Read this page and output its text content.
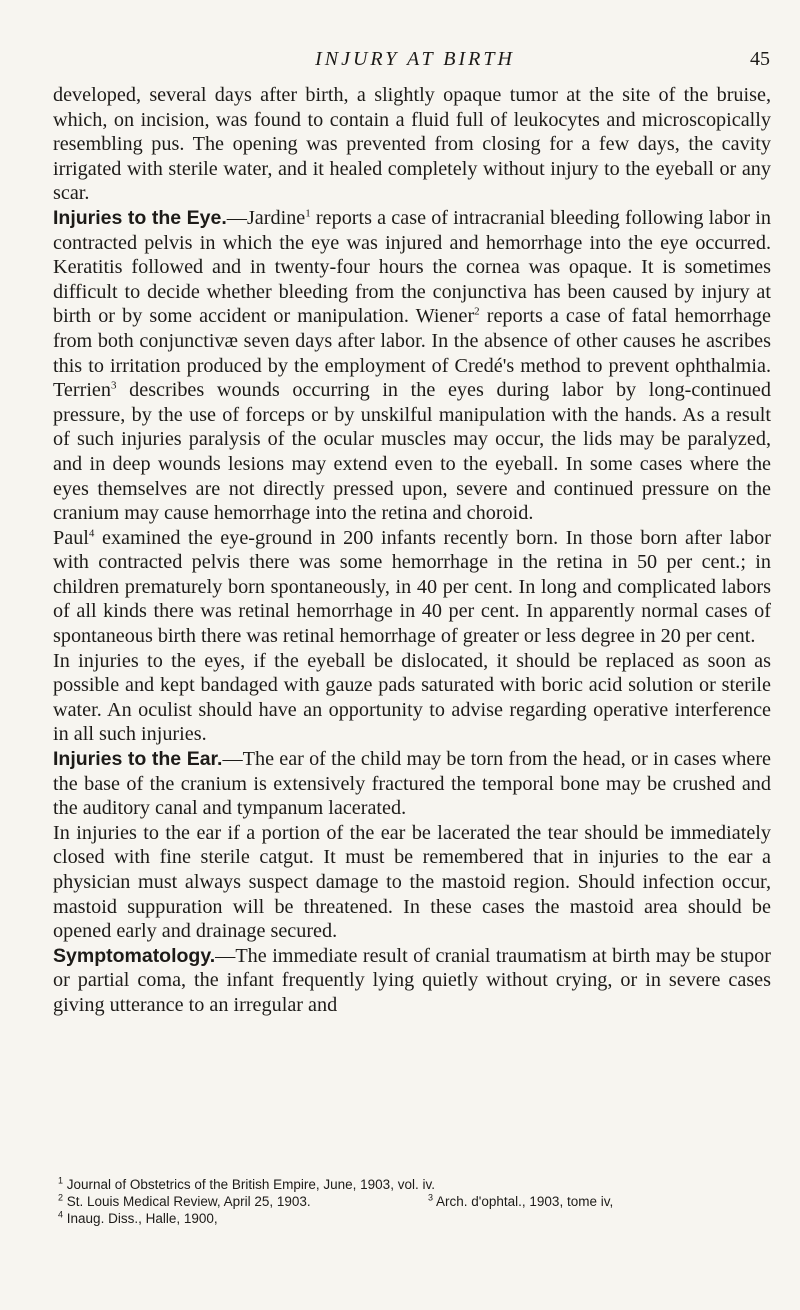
INJURY AT BIRTH	45

developed, several days after birth, a slightly opaque tumor at the site of the bruise, which, on incision, was found to contain a fluid full of leukocytes and microscopically resembling pus. The opening was prevented from closing for a few days, the cavity irrigated with sterile water, and it healed completely without injury to the eyeball or any scar.

Injuries to the Eye.—Jardine$^1$ reports a case of intracranial bleeding following labor in contracted pelvis in which the eye was injured and hemorrhage into the eye occurred. Keratitis followed and in twenty-four hours the cornea was opaque. It is sometimes difficult to decide whether bleeding from the conjunctiva has been caused by injury at birth or by some accident or manipulation. Wiener$^2$ reports a case of fatal hemorrhage from both conjunctivæ seven days after labor. In the absence of other causes he ascribes this to irritation produced by the employment of Credé's method to prevent ophthalmia. Terrien$^3$ describes wounds occurring in the eyes during labor by long-continued pressure, by the use of forceps or by unskilful manipulation with the hands. As a result of such injuries paralysis of the ocular muscles may occur, the lids may be paralyzed, and in deep wounds lesions may extend even to the eyeball. In some cases where the eyes themselves are not directly pressed upon, severe and continued pressure on the cranium may cause hemorrhage into the retina and choroid.

Paul$^4$ examined the eye-ground in 200 infants recently born. In those born after labor with contracted pelvis there was some hemorrhage in the retina in 50 per cent.; in children prematurely born spontaneously, in 40 per cent. In long and complicated labors of all kinds there was retinal hemorrhage in 40 per cent. In apparently normal cases of spontaneous birth there was retinal hemorrhage of greater or less degree in 20 per cent.

In injuries to the eyes, if the eyeball be dislocated, it should be replaced as soon as possible and kept bandaged with gauze pads saturated with boric acid solution or sterile water. An oculist should have an opportunity to advise regarding operative interference in all such injuries.

Injuries to the Ear.—The ear of the child may be torn from the head, or in cases where the base of the cranium is extensively fractured the temporal bone may be crushed and the auditory canal and tympanum lacerated.

In injuries to the ear if a portion of the ear be lacerated the tear should be immediately closed with fine sterile catgut. It must be remembered that in injuries to the ear a physician must always suspect damage to the mastoid region. Should infection occur, mastoid suppuration will be threatened. In these cases the mastoid area should be opened early and drainage secured.

Symptomatology.—The immediate result of cranial traumatism at birth may be stupor or partial coma, the infant frequently lying quietly without crying, or in severe cases giving utterance to an irregular and

$^1$ Journal of Obstetrics of the British Empire, June, 1903, vol. iv.
$^2$ St. Louis Medical Review, April 25, 1903.	$^3$ Arch. d'ophtal., 1903, tome iv,
$^4$ Inaug. Diss., Halle, 1900,
